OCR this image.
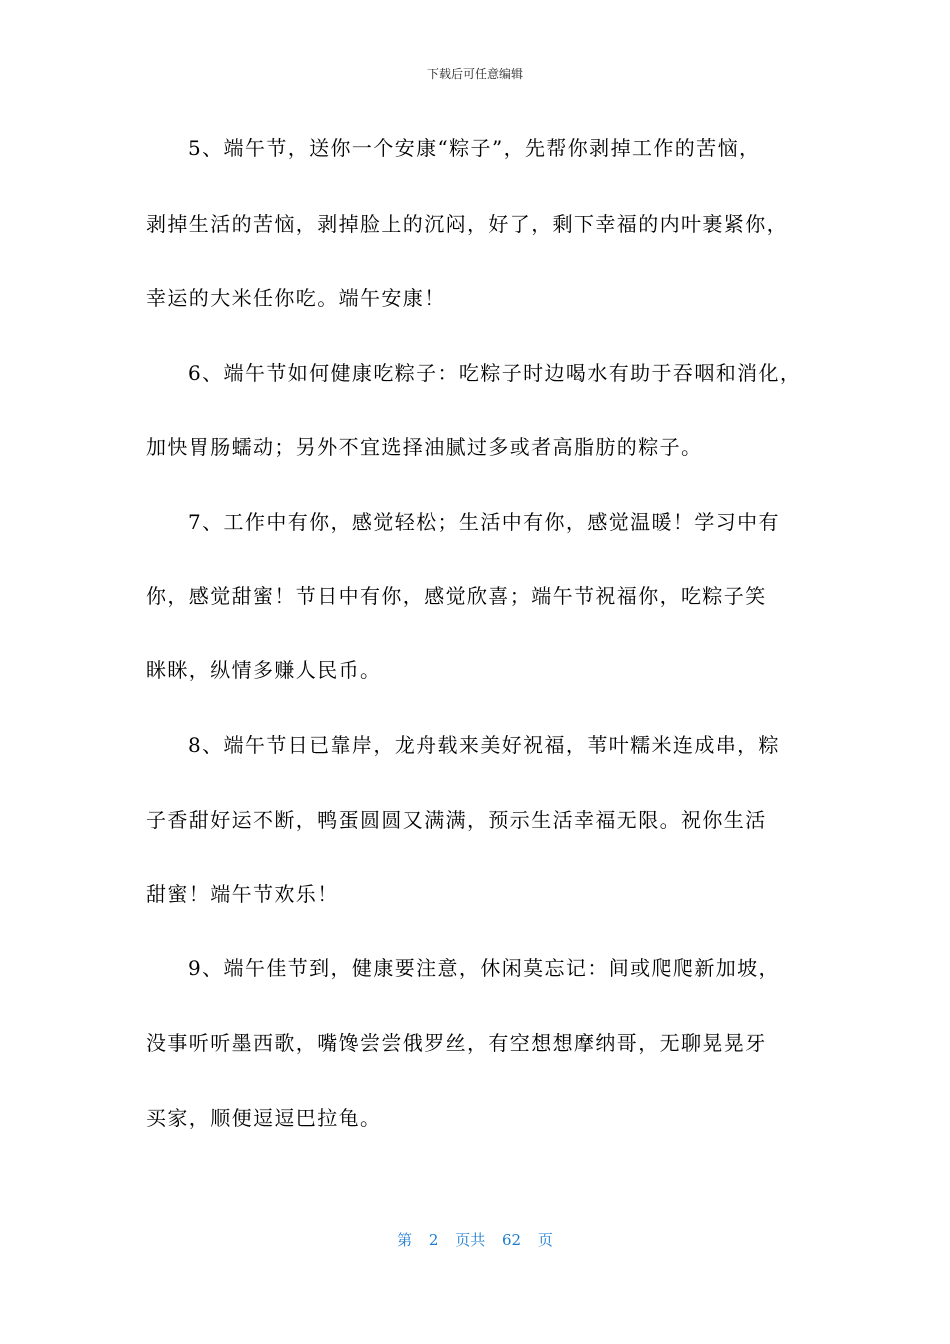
下载后可任意编辑
5、端午节，送你一个安康“粽子”，先帮你剥掉工作的苦恼，
剥掉生活的苦恼，剥掉脸上的沉闷，好了，剩下幸福的内叶裹紧你，
幸运的大米任你吃。端午安康！
6、端午节如何健康吃粽子：吃粽子时边喝水有助于吞咽和消化，
加快胃肠蠕动；另外不宜选择油腻过多或者高脂肪的粽子。
7、工作中有你，感觉轻松；生活中有你，感觉温暖！学习中有
你，感觉甜蜜！节日中有你，感觉欣喜；端午节祝福你，吃粽子笑
眯眯，纵情多赚人民币。
8、端午节日已靠岸，龙舟载来美好祝福，苇叶糯米连成串，粽
子香甜好运不断，鸭蛋圆圆又满满，预示生活幸福无限。祝你生活
甜蜜！端午节欢乐！
9、端午佳节到，健康要注意，休闲莫忘记：间或爬爬新加坡，
没事听听墨西歌，嘴馋尝尝俄罗丝，有空想想摩纳哥，无聊晃晃牙
买家，顺便逗逗巴拉龟。
第 2 页共 62 页
